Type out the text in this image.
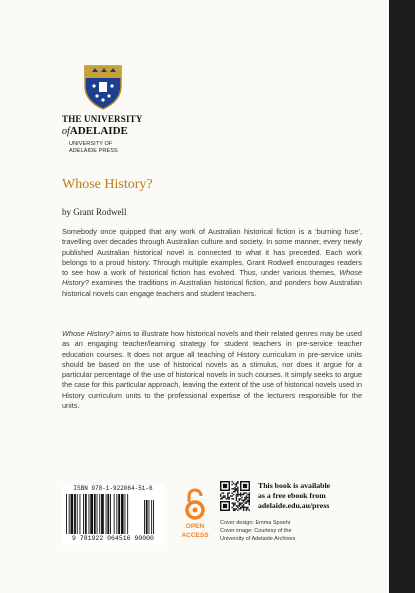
THE UNIVERSITY
ofADELAIDE
UNIVERSITY OF
ADELAIDE PRESS
Whose History?
by Grant Rodwell

Somebody once quipped that any work of Australian historical fiction is a ‘burning fuse’, travelling over decades through Australian culture and society. In some manner, every newly published Australian historical novel is connected to what it has preceded. Each work belongs to a proud history. Through multiple examples, Grant Rodwell encourages readers to see how a work of historical fiction has evolved. Thus, under various themes, Whose History? examines the traditions in Australian historical fiction, and ponders how Australian historical novels can engage teachers and student teachers.

Whose History? aims to illustrate how historical novels and their related genres may be used as an engaging teacher/learning strategy for student teachers in pre-service teacher education courses. It does not argue all teaching of History curriculum in pre-service units should be based on the use of historical novels as a stimulus, nor does it argue for a particular percentage of the use of historical novels in such courses. It simply seeks to argue the case for this particular approach, leaving the extent of the use of historical novels used in History curriculum units to the professional expertise of the lecturers responsible for the units.

ISBN 978-1-922064-51-6
9 781922 064516 90000
OPEN
ACCESS
This book is available
as a free ebook from
adelaide.edu.au/press
Cover design: Emma Spoehr
Cover image: Courtesy of the
University of Adelaide Archives
